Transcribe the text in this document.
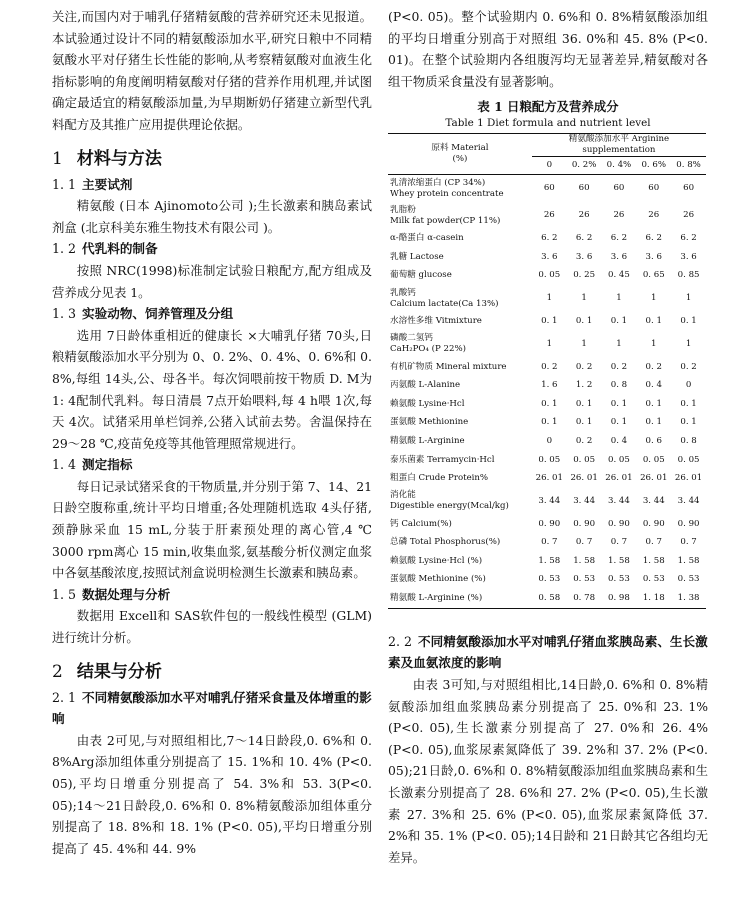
关注,而国内对于哺乳仔猪精氨酸的营养研究还未见报道。本试验通过设计不同的精氨酸添加水平,研究日粮中不同精氨酸水平对仔猪生长性能的影响,从考察精氨酸对血液生化指标影响的角度阐明精氨酸对仔猪的营养作用机理,并试图确定最适宜的精氨酸添加量,为早期断奶仔猪建立新型代乳料配方及其推广应用提供理论依据。

1 材料与方法
1. 1 主要试剂

精氨酸 (日本 Ajinomoto公司 );生长激素和胰岛素试剂盒 (北京科美东雅生物技术有限公司 )。

1. 2 代乳料的制备

按照 NRC(1998)标准制定试验日粮配方,配方组成及营养成分见表 1。

1. 3 实验动物、饲养管理及分组

选用 7日龄体重相近的健康长 ×大哺乳仔猪 70头,日粮精氨酸添加水平分别为 0、0. 2%、0. 4%、0. 6%和 0. 8%,每组 14头,公、母各半。每次饲喂前按干物质 D. M为 1: 4配制代乳料。每日清晨 7点开始喂料,每 4 h喂 1次,每天 4次。试猪采用单栏饲养,公猪入试前去势。舍温保持在 29～28 ℃,疫苗免疫等其他管理照常规进行。

1. 4 测定指标

每日记录试猪采食的干物质量,并分别于第 7、14、21日龄空腹称重,统计平均日增重;各处理随机选取 4头仔猪,颈静脉采血 15 mL,分装于肝素预处理的离心管,4 ℃ 3000 rpm离心 15 min,收集血浆,氨基酸分析仪测定血浆中各氨基酸浓度,按照试剂盒说明检测生长激素和胰岛素。

1. 5 数据处理与分析

数据用 Excell和 SAS软件包的一般线性模型 (GLM)进行统计分析。

2 结果与分析
2. 1 不同精氨酸添加水平对哺乳仔猪采食量及体增重的影响

由表 2可见,与对照组相比,7～14日龄段,0. 6%和 0. 8%Arg添加组体重分别提高了 15. 1%和 10. 4% (P<0. 05),平均日增重分别提高了 54. 3%和 53. 3(P<0. 05);14～21日龄段,0. 6%和 0. 8%精氨酸添加组体重分别提高了 18. 8%和 18. 1% (P<0. 05),平均日增重分别提高了 45. 4%和 44. 9%

(P<0. 05)。整个试验期内 0. 6%和 0. 8%精氨酸添加组的平均日增重分别高于对照组 36. 0%和 45. 8% (P<0. 01)。在整个试验期内各组腹泻均无显著差异,精氨酸对各组干物质采食量没有显著影响。

表 1 日粮配方及营养成分
Table 1 Diet formula and nutrient level
原料 Material
(%)	精氨酸添加水平 Arginine supplementation				
	0	0. 2%	0. 4%	0. 6%	0. 8%
乳清浓缩蛋白 (CP 34%)
Whey protein concentrate	60	60	60	60	60
乳脂粉
Milk fat powder(CP 11%)	26	26	26	26	26
α-酪蛋白 α-casein	6. 2	6. 2	6. 2	6. 2	6. 2
乳糖 Lactose	3. 6	3. 6	3. 6	3. 6	3. 6
葡萄糖 glucose	0. 05	0. 25	0. 45	0. 65	0. 85
乳酸钙
Calcium lactate(Ca 13%)	1	1	1	1	1
水溶性多维 Vitmixture	0. 1	0. 1	0. 1	0. 1	0. 1
磷酸二氢钙
CaH₂PO₄ (P 22%)	1	1	1	1	1
有机矿物质 Mineral mixture	0. 2	0. 2	0. 2	0. 2	0. 2
丙氨酸 L-Alanine	1. 6	1. 2	0. 8	0. 4	0
赖氨酸 Lysine·Hcl	0. 1	0. 1	0. 1	0. 1	0. 1
蛋氨酸 Methionine	0. 1	0. 1	0. 1	0. 1	0. 1
精氨酸 L-Arginine	0	0. 2	0. 4	0. 6	0. 8
泰乐菌素 Terramycin·Hcl	0. 05	0. 05	0. 05	0. 05	0. 05
粗蛋白 Crude Protein%	26. 01	26. 01	26. 01	26. 01	26. 01
消化能
Digestible energy(Mcal/kg)	3. 44	3. 44	3. 44	3. 44	3. 44
钙 Calcium(%)	0. 90	0. 90	0. 90	0. 90	0. 90
总磷 Total Phosphorus(%)	0. 7	0. 7	0. 7	0. 7	0. 7
赖氨酸 Lysine·Hcl (%)	1. 58	1. 58	1. 58	1. 58	1. 58
蛋氨酸 Methionine (%)	0. 53	0. 53	0. 53	0. 53	0. 53
精氨酸 L-Arginine (%)	0. 58	0. 78	0. 98	1. 18	1. 38
2. 2 不同精氨酸添加水平对哺乳仔猪血浆胰岛素、生长激素及血氨浓度的影响

由表 3可知,与对照组相比,14日龄,0. 6%和 0. 8%精氨酸添加组血浆胰岛素分别提高了 25. 0%和 23. 1% (P<0. 05),生长激素分别提高了 27. 0%和 26. 4% (P<0. 05),血浆尿素氮降低了 39. 2%和 37. 2% (P<0. 05);21日龄,0. 6%和 0. 8%精氨酸添加组血浆胰岛素和生长激素分别提高了 28. 6%和 27. 2% (P<0. 05),生长激素 27. 3%和 25. 6% (P<0. 05),血浆尿素氮降低 37. 2%和 35. 1% (P<0. 05);14日龄和 21日龄其它各组均无差异。
